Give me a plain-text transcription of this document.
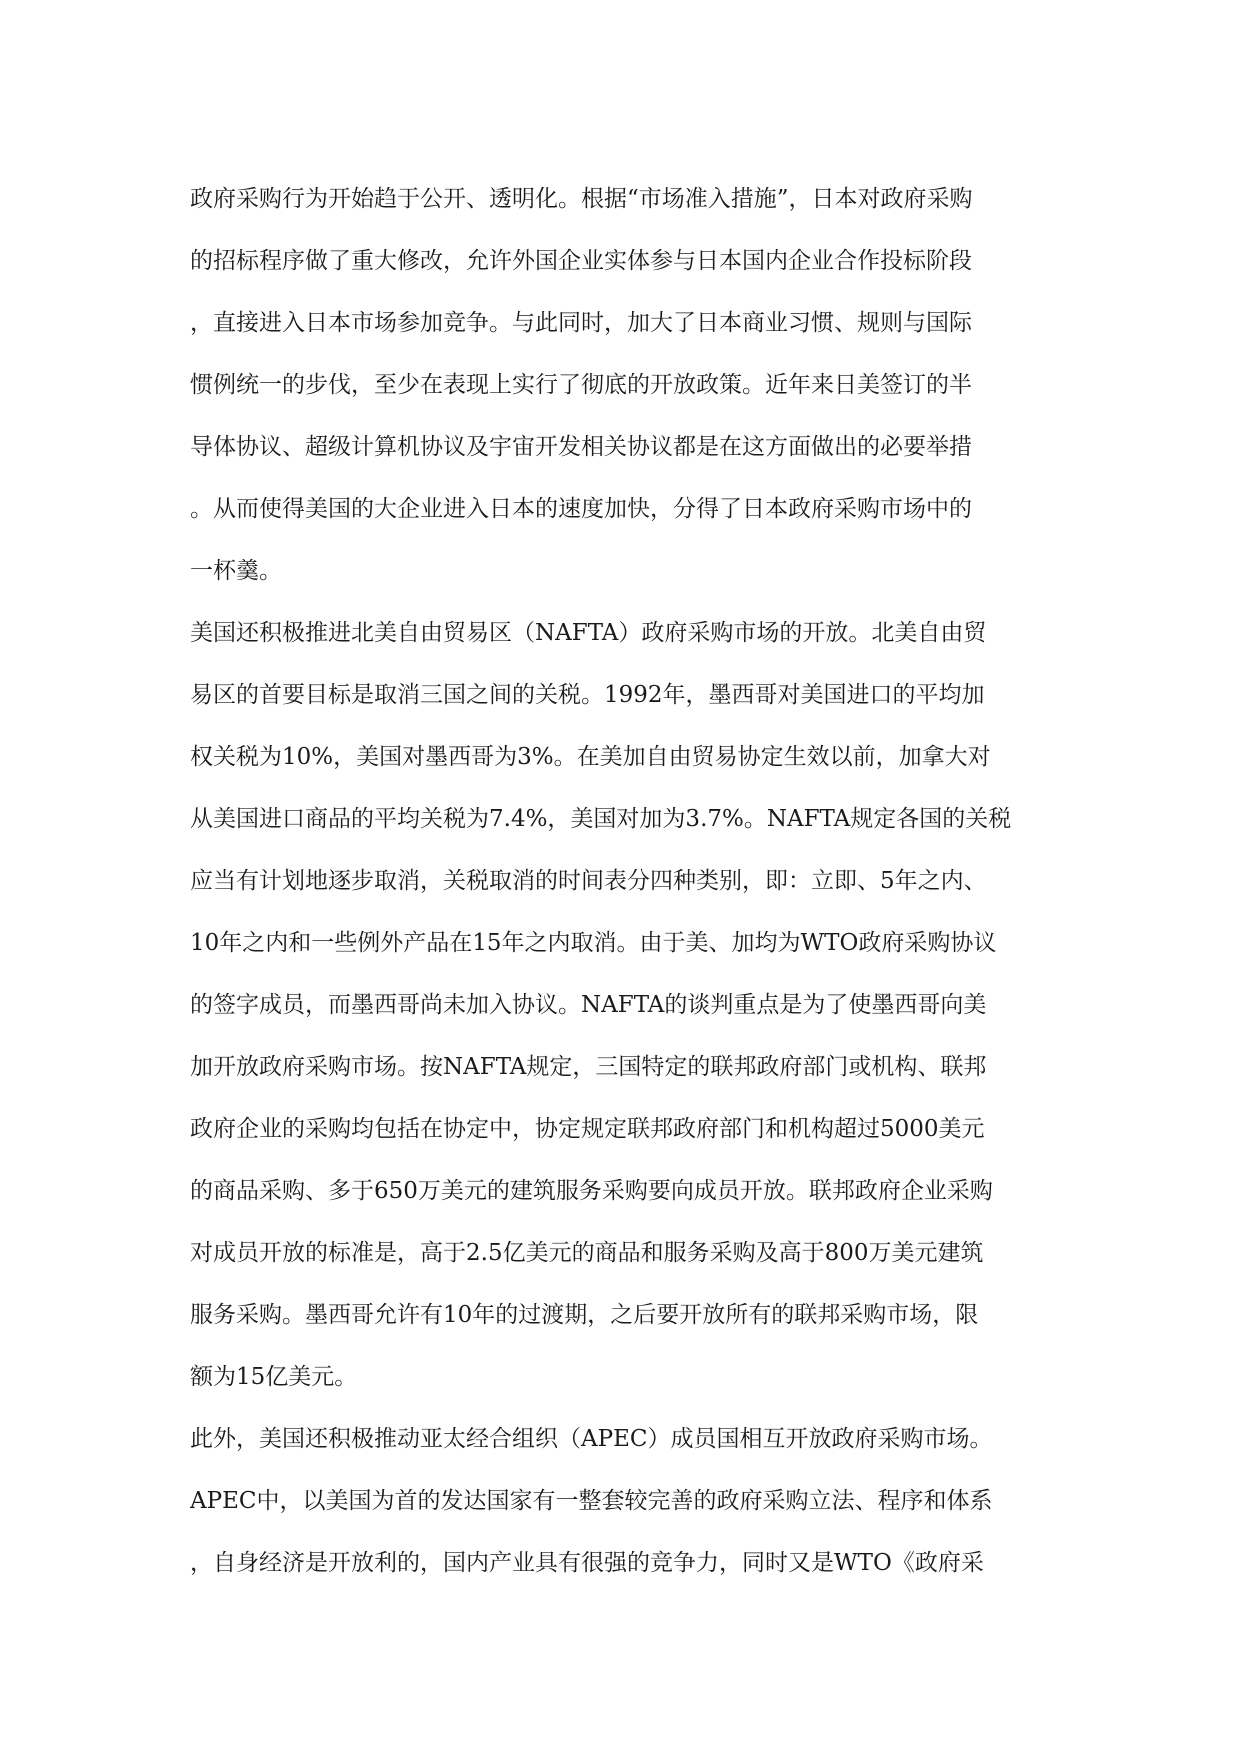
政府采购行为开始趋于公开、透明化。根据“市场准入措施”，日本对政府采购
的招标程序做了重大修改，允许外国企业实体参与日本国内企业合作投标阶段
，直接进入日本市场参加竞争。与此同时，加大了日本商业习惯、规则与国际
惯例统一的步伐，至少在表现上实行了彻底的开放政策。近年来日美签订的半
导体协议、超级计算机协议及宇宙开发相关协议都是在这方面做出的必要举措
。从而使得美国的大企业进入日本的速度加快，分得了日本政府采购市场中的
一杯羹。
美国还积极推进北美自由贸易区（NAFTA）政府采购市场的开放。北美自由贸
易区的首要目标是取消三国之间的关税。1992年，墨西哥对美国进口的平均加
权关税为10%，美国对墨西哥为3%。在美加自由贸易协定生效以前，加拿大对
从美国进口商品的平均关税为7.4%，美国对加为3.7%。NAFTA规定各国的关税
应当有计划地逐步取消，关税取消的时间表分四种类别，即：立即、5年之内、
10年之内和一些例外产品在15年之内取消。由于美、加均为WTO政府采购协议
的签字成员，而墨西哥尚未加入协议。NAFTA的谈判重点是为了使墨西哥向美
加开放政府采购市场。按NAFTA规定，三国特定的联邦政府部门或机构、联邦
政府企业的采购均包括在协定中，协定规定联邦政府部门和机构超过5000美元
的商品采购、多于650万美元的建筑服务采购要向成员开放。联邦政府企业采购
对成员开放的标准是，高于2.5亿美元的商品和服务采购及高于800万美元建筑
服务采购。墨西哥允许有10年的过渡期，之后要开放所有的联邦采购市场，限
额为15亿美元。
此外，美国还积极推动亚太经合组织（APEC）成员国相互开放政府采购市场。
APEC中，以美国为首的发达国家有一整套较完善的政府采购立法、程序和体系
，自身经济是开放利的，国内产业具有很强的竞争力，同时又是WTO《政府采
